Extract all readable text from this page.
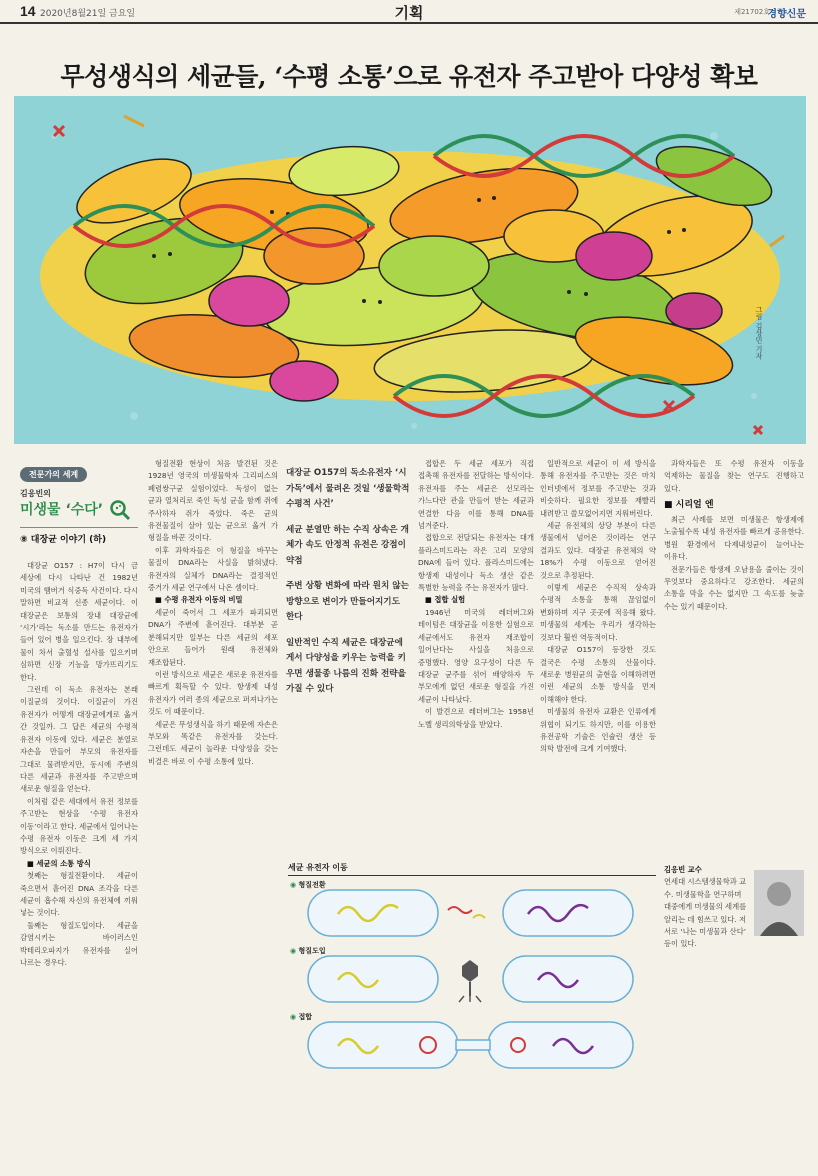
14 2020년8월21일 금요일	기획	제21702호
경향신문
무성생식의 세균들, ‘수평 소통’으로 유전자 주고받아 다양성 확보
그림 김상민 기자
전문가의 세계
김응빈의
미생물 ‘수다’
⑧ 대장균 이야기 (하)

대장균 O157 : H7이 다시 금 세상에 다시 나타난 건 1982년 미국의 햄버거 식중독 사건이다. 다시 말하면 비교적 신종 세균이다. 이 대장균은 보통의 장내 대장균에 ‘시가’라는 독소를 만드는 유전자가 들어 있어 병을 일으킨다. 장 내부에 물이 차서 출혈성 설사를 일으키며 심하면 신장 기능을 망가뜨리기도 한다.

그런데 이 독소 유전자는 본래 이질균의 것이다. 이질균이 가진 유전자가 어떻게 대장균에게로 옮겨 간 것일까. 그 답은 세균의 수평적 유전자 이동에 있다. 세균은 분열로 자손을 만들어 부모의 유전자를 그대로 물려받지만, 동시에 주변의 다른 세균과 유전자를 주고받으며 새로운 형질을 얻는다.

이처럼 같은 세대에서 유전 정보를 주고받는 현상을 ‘수평 유전자 이동’이라고 한다. 세균에서 일어나는 수평 유전자 이동은 크게 세 가지 방식으로 이뤄진다.

■ 세균의 소통 방식

첫째는 형질전환이다. 세균이 죽으면서 흩어진 DNA 조각을 다른 세균이 흡수해 자신의 유전체에 끼워 넣는 것이다.

둘째는 형질도입이다. 세균을 감염시키는 바이러스인 박테리오파지가 유전자를 실어 나르는 경우다.

형질전환 현상이 처음 발견된 것은 1928년 영국의 미생물학자 그리피스의 폐렴쌍구균 실험이었다. 독성이 없는 균과 열처리로 죽인 독성 균을 함께 쥐에 주사하자 쥐가 죽었다. 죽은 균의 유전물질이 살아 있는 균으로 옮겨 가 형질을 바꾼 것이다.

이후 과학자들은 이 형질을 바꾸는 물질이 DNA라는 사실을 밝혀냈다. 유전자의 실체가 DNA라는 결정적인 증거가 세균 연구에서 나온 셈이다.

■ 수평 유전자 이동의 비밀

세균이 죽어서 그 세포가 파괴되면 DNA가 주변에 흩어진다. 대부분 곧 분해되지만 일부는 다른 세균의 세포 안으로 들어가 원래 유전체와 재조합된다.

이런 방식으로 세균은 새로운 유전자를 빠르게 획득할 수 있다. 항생제 내성 유전자가 여러 종의 세균으로 퍼져나가는 것도 이 때문이다.

세균은 무성생식을 하기 때문에 자손은 부모와 똑같은 유전자를 갖는다. 그런데도 세균이 놀라운 다양성을 갖는 비결은 바로 이 수평 소통에 있다.

대장균 O157의 독소유전자 ‘시가독’에서 물려온 것일 ‘생물학적 수평적 사건’

세균 분열만 하는 수직 상속은 개체가 속도 안정적 유전은 강점이 약점

주변 상황 변화에 따라 원치 않는 방향으로 변이가 만들어지기도 한다

일반적인 수직 세균은 대장균에게서 다양성을 키우는 능력을 키우면 생물종 나름의 진화 전략을 가질 수 있다

접합은 두 세균 세포가 직접 접촉해 유전자를 전달하는 방식이다. 유전자를 주는 세균은 선모라는 가느다란 관을 만들어 받는 세균과 연결한 다음 이를 통해 DNA를 넘겨준다.

접합으로 전달되는 유전자는 대개 플라스미드라는 작은 고리 모양의 DNA에 들어 있다. 플라스미드에는 항생제 내성이나 독소 생산 같은 특별한 능력을 주는 유전자가 많다.

■ 접합 실험

1946년 미국의 레더버그와 테이텀은 대장균을 이용한 실험으로 세균에서도 유전자 재조합이 일어난다는 사실을 처음으로 증명했다. 영양 요구성이 다른 두 대장균 균주를 섞어 배양하자 두 부모에게 없던 새로운 형질을 가진 세균이 나타났다.

이 발견으로 레더버그는 1958년 노벨 생리의학상을 받았다.

일반적으로 세균이 이 세 방식을 통해 유전자를 주고받는 것은 마치 인터넷에서 정보를 주고받는 것과 비슷하다. 필요한 정보를 재빨리 내려받고 쓸모없어지면 지워버린다.

세균 유전체의 상당 부분이 다른 생물에서 넘어온 것이라는 연구 결과도 있다. 대장균 유전체의 약 18%가 수평 이동으로 얻어진 것으로 추정된다.

이렇게 세균은 수직적 상속과 수평적 소통을 통해 끊임없이 변화하며 지구 곳곳에 적응해 왔다. 미생물의 세계는 우리가 생각하는 것보다 훨씬 역동적이다.

대장균 O157이 등장한 것도 결국은 수평 소통의 산물이다. 새로운 병원균의 출현을 이해하려면 이런 세균의 소통 방식을 먼저 이해해야 한다.

미생물의 유전자 교환은 인류에게 위협이 되기도 하지만, 이를 이용한 유전공학 기술은 인슐린 생산 등 의학 발전에 크게 기여했다.

과학자들은 또 수평 유전자 이동을 억제하는 물질을 찾는 연구도 진행하고 있다.

■ 시리얼 엔

최근 사례를 보면 미생물은 항생제에 노출될수록 내성 유전자를 빠르게 공유한다. 병원 환경에서 다제내성균이 늘어나는 이유다.

전문가들은 항생제 오남용을 줄이는 것이 무엇보다 중요하다고 강조한다. 세균의 소통을 막을 수는 없지만 그 속도를 늦출 수는 있기 때문이다.

세균 유전자 이동
◉ 형질전환
◉ 형질도입
◉ 접합
김응빈 교수
연세대 시스템생물학과 교수. 미생물학을 연구하며 대중에게 미생물의 세계를 알리는 데 힘쓰고 있다. 저서로 ‘나는 미생물과 산다’ 등이 있다.
